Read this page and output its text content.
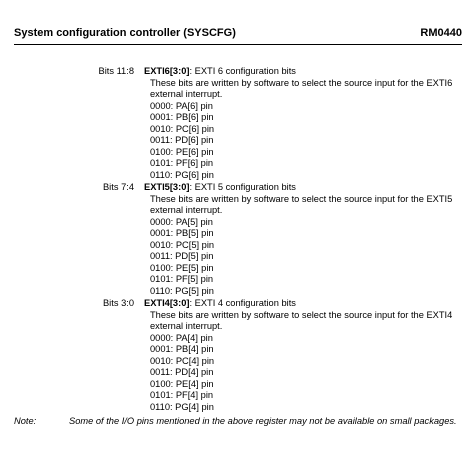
System configuration controller (SYSCFG)	RM0440
Bits 11:8 EXTI6[3:0]: EXTI 6 configuration bits
These bits are written by software to select the source input for the EXTI6
external interrupt.
0000: PA[6] pin
0001: PB[6] pin
0010: PC[6] pin
0011: PD[6] pin
0100: PE[6] pin
0101: PF[6] pin
0110: PG[6] pin
Bits 7:4 EXTI5[3:0]: EXTI 5 configuration bits
These bits are written by software to select the source input for the EXTI5
external interrupt.
0000: PA[5] pin
0001: PB[5] pin
0010: PC[5] pin
0011: PD[5] pin
0100: PE[5] pin
0101: PF[5] pin
0110: PG[5] pin
Bits 3:0 EXTI4[3:0]: EXTI 4 configuration bits
These bits are written by software to select the source input for the EXTI4
external interrupt.
0000: PA[4] pin
0001: PB[4] pin
0010: PC[4] pin
0011: PD[4] pin
0100: PE[4] pin
0101: PF[4] pin
0110: PG[4] pin
Note:	Some of the I/O pins mentioned in the above register may not be available on small packages.
